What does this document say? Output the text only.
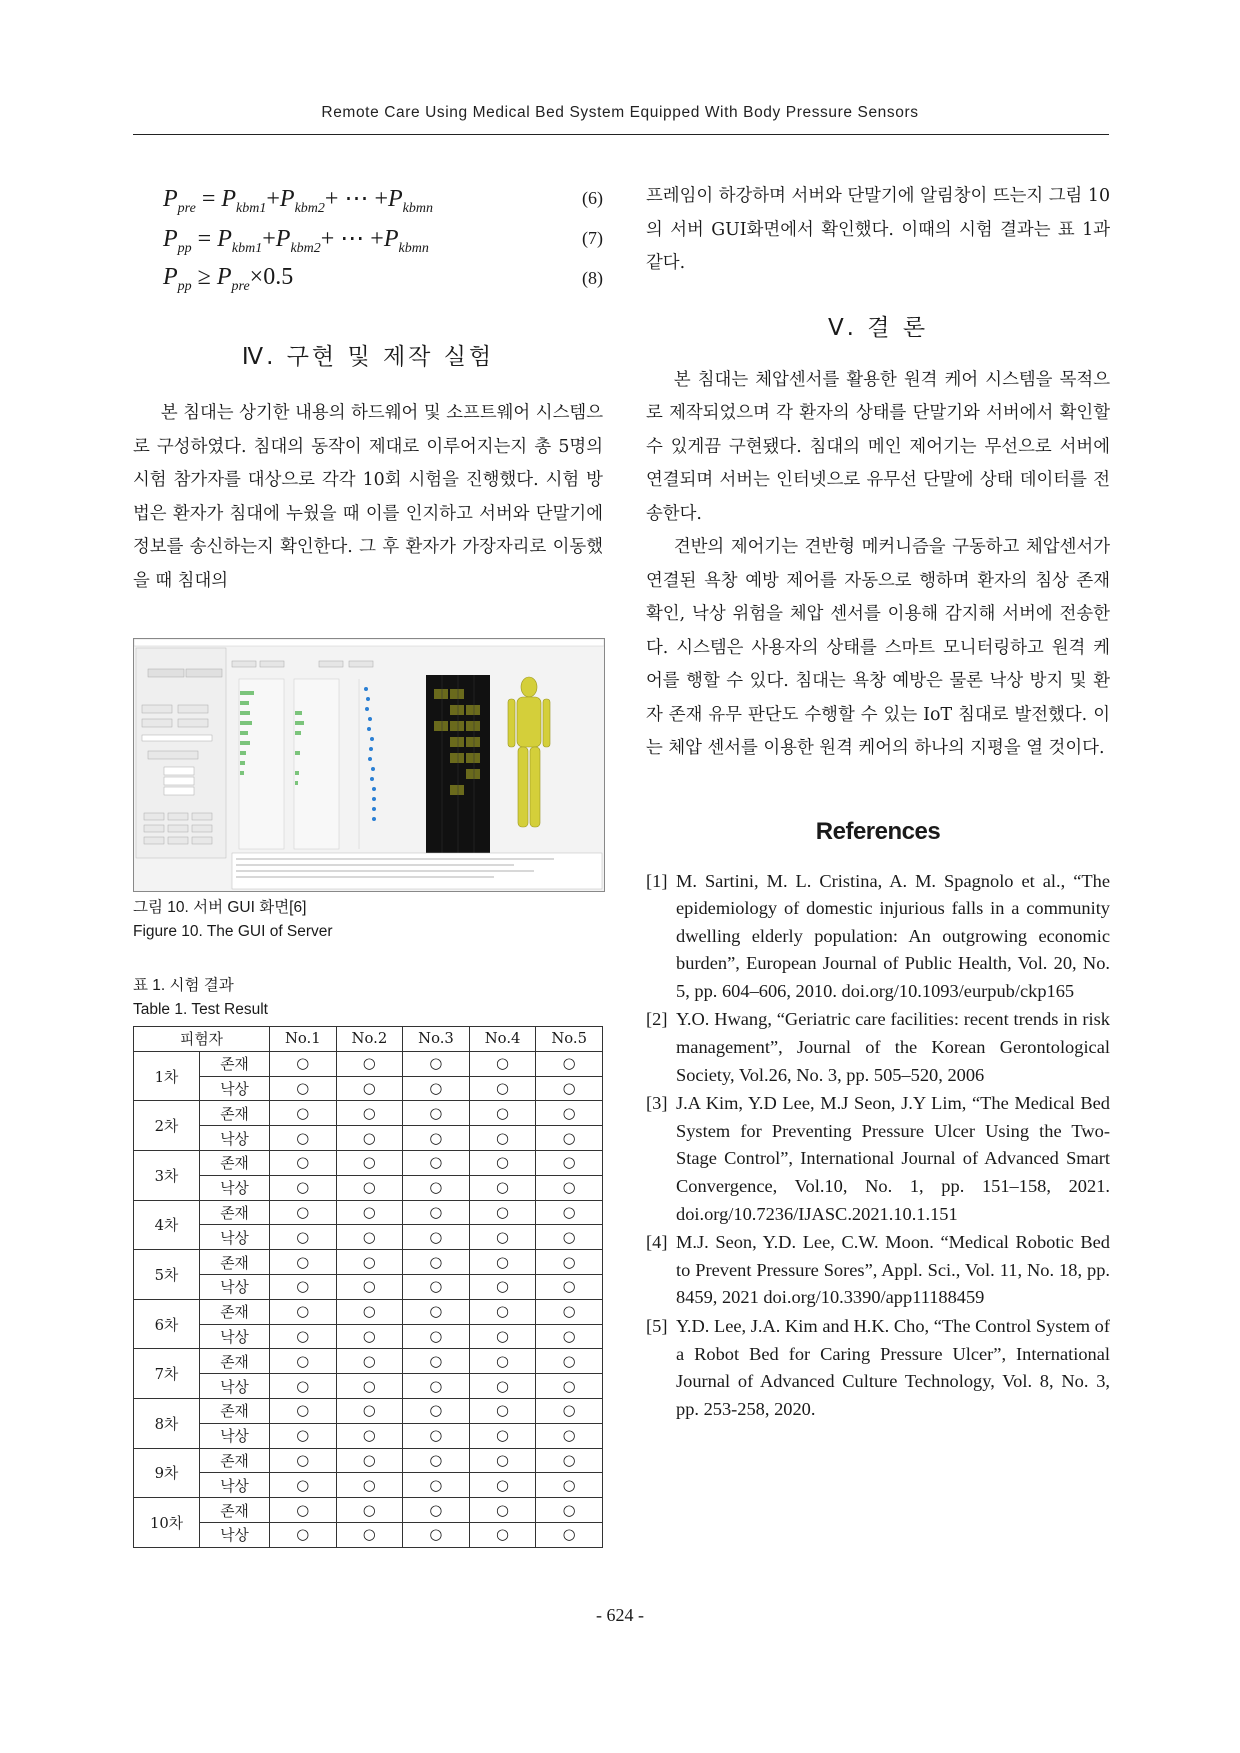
Remote Care Using Medical Bed System Equipped With Body Pressure Sensors
$P_{pre} = P_{kbm1}+P_{kbm2}+$ ⋯ $+P_{kbmn}$
(6)
$P_{pp} = P_{kbm1}+P_{kbm2}+$ ⋯ $+P_{kbmn}$
(7)
$P_{pp} \ge P_{pre}\times 0.5$	(8)
Ⅳ. 구현 및 제작 실험

본 침대는 상기한 내용의 하드웨어 및 소프트웨어 시스템으로 구성하였다. 침대의 동작이 제대로 이루어지는지 총 5명의 시험 참가자를 대상으로 각각 10회 시험을 진행했다. 시험 방법은 환자가 침대에 누웠을 때 이를 인지하고 서버와 단말기에 정보를 송신하는지 확인한다. 그 후 환자가 가장자리로 이동했을 때 침대의

그림 10. 서버 GUI 화면[6]

Figure 10. The GUI of Server

표 1. 시험 결과

Table 1. Test Result

피험자		No.1	No.2	No.3	No.4	No.5
1차	존재	○	○	○	○	○
	낙상	○	○	○	○	○
2차	존재	○	○	○	○	○
	낙상	○	○	○	○	○
3차	존재	○	○	○	○	○
	낙상	○	○	○	○	○
4차	존재	○	○	○	○	○
	낙상	○	○	○	○	○
5차	존재	○	○	○	○	○
	낙상	○	○	○	○	○
6차	존재	○	○	○	○	○
	낙상	○	○	○	○	○
7차	존재	○	○	○	○	○
	낙상	○	○	○	○	○
8차	존재	○	○	○	○	○
	낙상	○	○	○	○	○
9차	존재	○	○	○	○	○
	낙상	○	○	○	○	○
10차	존재	○	○	○	○	○
	낙상	○	○	○	○	○

프레임이 하강하며 서버와 단말기에 알림창이 뜨는지 그림 10의 서버 GUI화면에서 확인했다. 이때의 시험 결과는 표 1과 같다.

Ⅴ. 결 론

본 침대는 체압센서를 활용한 원격 케어 시스템을 목적으로 제작되었으며 각 환자의 상태를 단말기와 서버에서 확인할 수 있게끔 구현됐다. 침대의 메인 제어기는 무선으로 서버에 연결되며 서버는 인터넷으로 유무선 단말에 상태 데이터를 전송한다.

견반의 제어기는 견반형 메커니즘을 구동하고 체압센서가 연결된 욕창 예방 제어를 자동으로 행하며 환자의 침상 존재 확인, 낙상 위험을 체압 센서를 이용해 감지해 서버에 전송한다. 시스템은 사용자의 상태를 스마트 모니터링하고 원격 케어를 행할 수 있다. 침대는 욕창 예방은 물론 낙상 방지 및 환자 존재 유무 판단도 수행할 수 있는 IoT 침대로 발전했다. 이는 체압 센서를 이용한 원격 케어의 하나의 지평을 열 것이다.

References

[1] M. Sartini, M. L. Cristina, A. M. Spagnolo et al., “The epidemiology of domestic injurious falls in a community dwelling elderly population: An outgrowing economic burden”, European Journal of Public Health, Vol. 20, No. 5, pp. 604–606, 2010. doi.org/10.1093/eurpub/ckp165

[2] Y.O. Hwang, “Geriatric care facilities: recent trends in risk management”, Journal of the Korean Gerontological Society, Vol.26, No. 3, pp. 505–520, 2006

[3] J.A Kim, Y.D Lee, M.J Seon, J.Y Lim, “The Medical Bed System for Preventing Pressure Ulcer Using the Two-Stage Control”, International Journal of Advanced Smart Convergence, Vol.10, No. 1, pp. 151–158, 2021. doi.org/10.7236/IJASC.2021.10.1.151

[4] M.J. Seon, Y.D. Lee, C.W. Moon. “Medical Robotic Bed to Prevent Pressure Sores”, Appl. Sci., Vol. 11, No. 18, pp. 8459, 2021 doi.org/10.3390/app11188459

[5] Y.D. Lee, J.A. Kim and H.K. Cho, “The Control System of a Robot Bed for Caring Pressure Ulcer”, International Journal of Advanced Culture Technology, Vol. 8, No. 3, pp. 253-258, 2020.

- 624 -
